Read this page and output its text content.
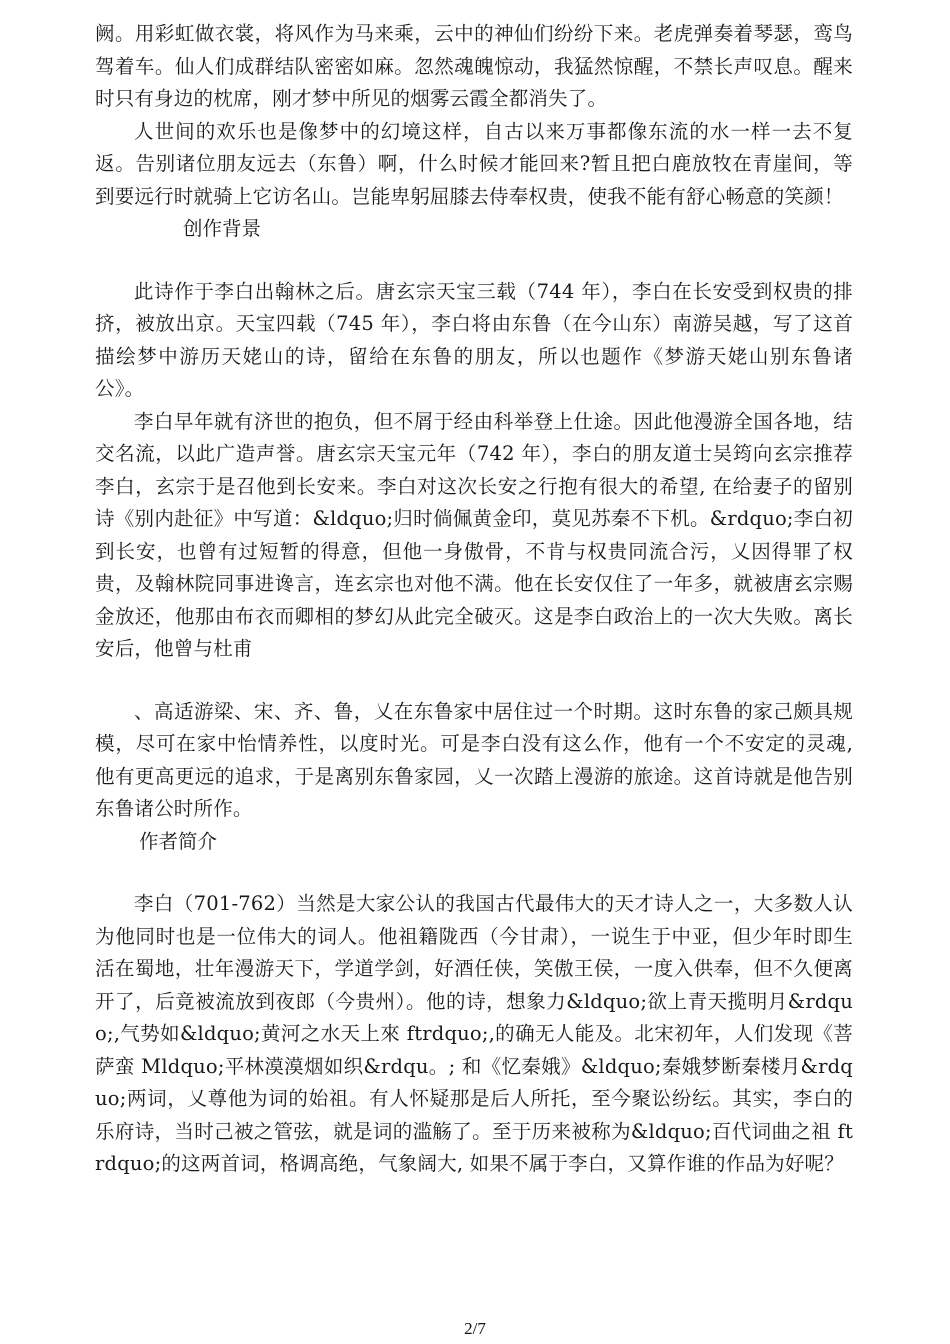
阙。用彩虹做衣裳，将风作为马来乘，云中的神仙们纷纷下来。老虎弹奏着琴瑟，鸾鸟驾着车。仙人们成群结队密密如麻。忽然魂魄惊动，我猛然惊醒，不禁长声叹息。醒来时只有身边的枕席，刚才梦中所见的烟雾云霞全都消失了。

人世间的欢乐也是像梦中的幻境这样，自古以来万事都像东流的水一样一去不复返。告别诸位朋友远去（东鲁）啊，什么时候才能回来?暂且把白鹿放牧在青崖间，等到要远行时就骑上它访名山。岂能卑躬屈膝去侍奉权贵，使我不能有舒心畅意的笑颜！

创作背景

此诗作于李白出翰林之后。唐玄宗天宝三载（744 年），李白在长安受到权贵的排挤，被放出京。天宝四载（745 年），李白将由东鲁（在今山东）南游吴越，写了这首描绘梦中游历天姥山的诗，留给在东鲁的朋友，所以也题作《梦游天姥山别东鲁诸公》。

李白早年就有济世的抱负，但不屑于经由科举登上仕途。因此他漫游全国各地，结交名流，以此广造声誉。唐玄宗天宝元年（742 年），李白的朋友道士吴筠向玄宗推荐李白，玄宗于是召他到长安来。李白对这次长安之行抱有很大的希望, 在给妻子的留别诗《别内赴征》中写道：&ldquo;归时倘佩黄金印，莫见苏秦不下机。&rdquo;李白初到长安，也曾有过短暂的得意，但他一身傲骨，不肯与权贵同流合污，乂因得罪了权贵，及翰林院同事进谗言，连玄宗也对他不满。他在长安仅住了一年多，就被唐玄宗赐金放还，他那由布衣而卿相的梦幻从此完全破灭。这是李白政治上的一次大失败。离长安后，他曾与杜甫

、高适游梁、宋、齐、鲁，乂在东鲁家中居住过一个时期。这时东鲁的家己颇具规模，尽可在家中怡情养性，以度时光。可是李白没有这么作，他有一个不安定的灵魂, 他有更高更远的追求，于是离别东鲁家园，乂一次踏上漫游的旅途。这首诗就是他告别东鲁诸公时所作。

作者简介

李白（701-762）当然是大家公认的我国古代最伟大的天才诗人之一，大多数人认为他同时也是一位伟大的词人。他祖籍陇西（今甘肃），一说生于中亚，但少年时即生活在蜀地，壮年漫游天下，学道学剑，好酒任侠，笑傲王侯，一度入供奉，但不久便离开了，后竟被流放到夜郎（今贵州）。他的诗，想象力&ldquo;欲上青天揽明月&rdquo;,气势如&ldquo;黄河之水天上來 ftrdquo;,的确无人能及。北宋初年，人们发现《菩萨蛮 Mldquo;平林漠漠烟如织&rdqu。; 和《忆秦娥》&ldquo;秦娥梦断秦楼月&rdquo;两词，乂尊他为词的始祖。有人怀疑那是后人所托，至今聚讼纷纭。其实，李白的乐府诗，当时己被之管弦，就是词的滥觞了。至于历来被称为&ldquo;百代词曲之祖 ftrdquo;的这两首词，格调高绝，气象阔大, 如果不属于李白，又算作谁的作品为好呢？

2/7
